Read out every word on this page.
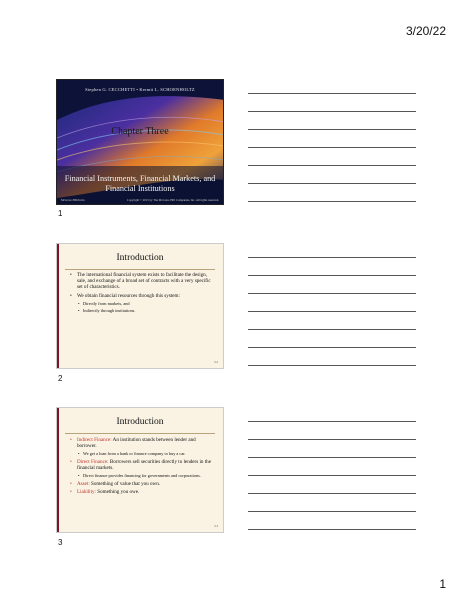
3/20/22
Stephen G. CECCHETTI • Kermit L. SCHOENHOLTZ
Chapter Three
Financial Instruments, Financial Markets, and Financial Institutions
McGraw-Hill/Irwin	Copyright © 2015 by The McGraw-Hill Companies, Inc. All rights reserved.
1
Introduction
• The international financial system exists to facilitate the design, sale, and exchange of a broad set of contracts with a very specific set of characteristics.
• We obtain financial resources through this system:
• Directly from markets, and
• Indirectly through institutions.
3-2
2
Introduction
• Indirect Finance: An institution stands between lender and borrower.
• We get a loan from a bank or finance company to buy a car.
• Direct Finance: Borrowers sell securities directly to lenders in the financial markets.
• Direct finance provides financing for governments and corporations.
• Asset: Something of value that you own.
• Liability: Something you owe.
3-3
3
1
